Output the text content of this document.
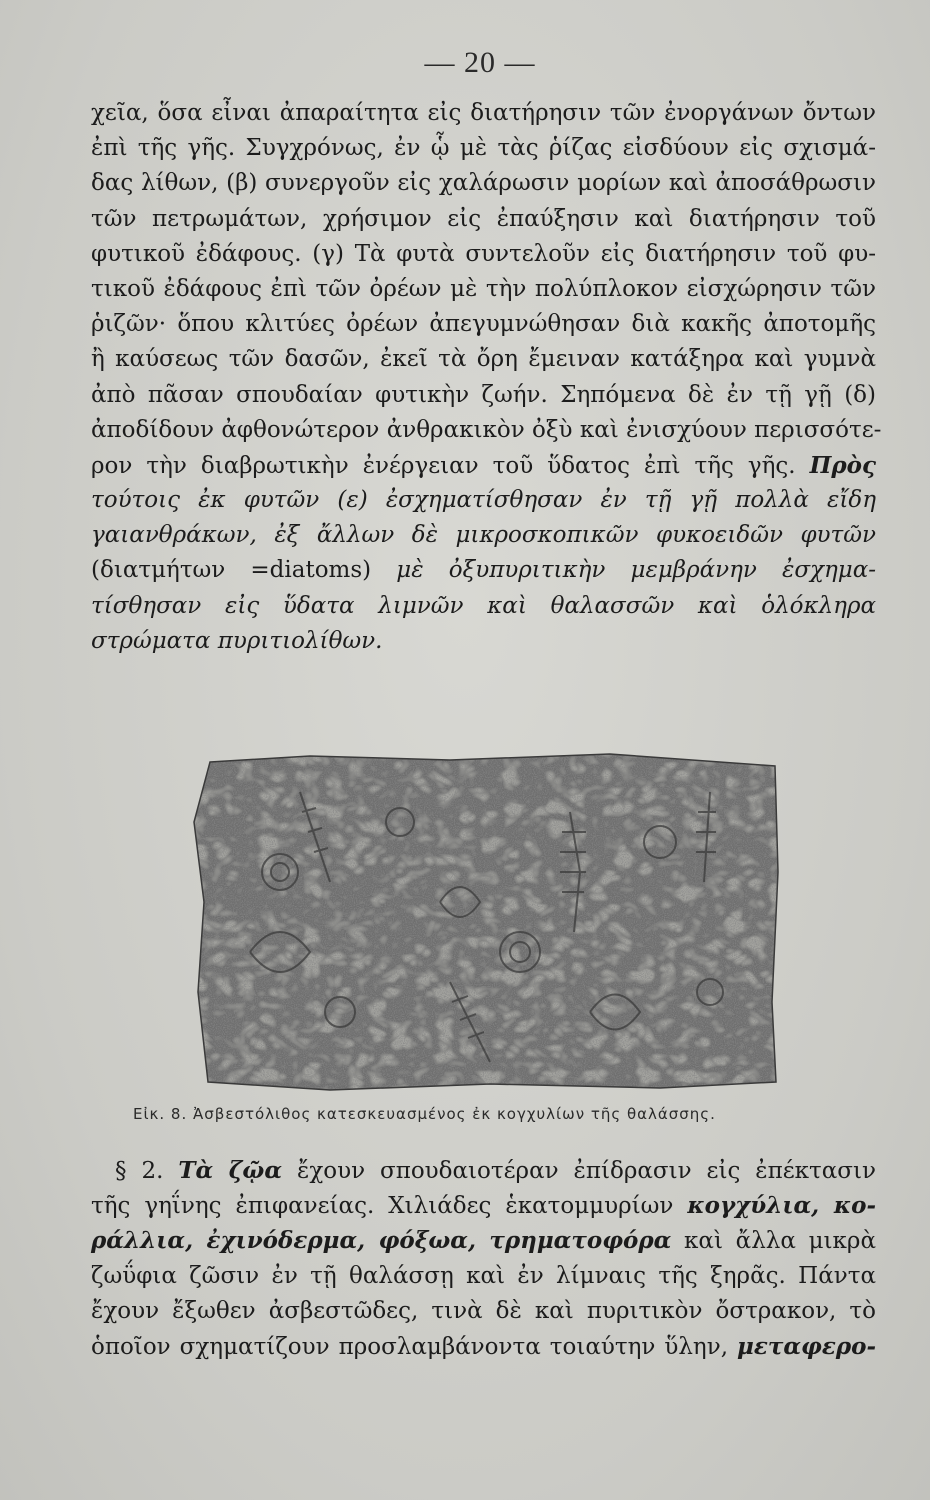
— 20 —
χεῖα, ὅσα εἶναι ἀπαραίτητα εἰς διατήρησιν τῶν ἐνοργάνων ὄντων
ἐπὶ τῆς γῆς. Συγχρόνως, ἐν ᾧ μὲ τὰς ῥίζας εἰσδύουν εἰς σχισμά-
δας λίθων, (β) συνεργοῦν εἰς χαλάρωσιν μορίων καὶ ἀποσάθρωσιν
τῶν πετρωμάτων, χρήσιμον εἰς ἐπαύξησιν καὶ διατήρησιν τοῦ
φυτικοῦ ἐδάφους. (γ) Τὰ φυτὰ συντελοῦν εἰς διατήρησιν τοῦ φυ-
τικοῦ ἐδάφους ἐπὶ τῶν ὀρέων μὲ τὴν πολύπλοκον εἰσχώρησιν τῶν
ῥιζῶν· ὅπου κλιτύες ὀρέων ἀπεγυμνώθησαν διὰ κακῆς ἀποτομῆς
ἢ καύσεως τῶν δασῶν, ἐκεῖ τὰ ὄρη ἔμειναν κατάξηρα καὶ γυμνὰ
ἀπὸ πᾶσαν σπουδαίαν φυτικὴν ζωήν. Σηπόμενα δὲ ἐν τῇ γῇ (δ)
ἀποδίδουν ἀφθονώτερον ἀνθρακικὸν ὀξὺ καὶ ἐνισχύουν περισσότε-
ρον τὴν διαβρωτικὴν ἐνέργειαν τοῦ ὕδατος ἐπὶ τῆς γῆς. Πρὸς
τούτοις ἐκ φυτῶν (ε) ἐσχηματίσθησαν ἐν τῇ γῇ πολλὰ εἴδη
γαιανθράκων, ἐξ ἄλλων δὲ μικροσκοπικῶν φυκοειδῶν φυτῶν
(διατμήτων =diatoms) μὲ ὀξυπυριτικὴν μεμβράνην ἐσχημα-
τίσθησαν εἰς ὕδατα λιμνῶν καὶ θαλασσῶν καὶ ὁλόκληρα
στρώματα πυριτιολίθων.
Εἰκ. 8. Ἀσβεστόλιθος κατεσκευασμένος ἐκ κογχυλίων τῆς θαλάσσης.
§ 2. Τὰ ζῷα ἔχουν σπουδαιοτέραν ἐπίδρασιν εἰς ἐπέκτασιν
τῆς γηΐνης ἐπιφανείας. Χιλιάδες ἑκατομμυρίων κογχύλια, κο-
ράλλια, ἐχινόδερμα, φόξωα, τρηματοφόρα καὶ ἄλλα μικρὰ
ζωΰφια ζῶσιν ἐν τῇ θαλάσσῃ καὶ ἐν λίμναις τῆς ξηρᾶς. Πάντα
ἔχουν ἔξωθεν ἀσβεστῶδες, τινὰ δὲ καὶ πυριτικὸν ὄστρακον, τὸ
ὁποῖον σχηματίζουν προσλαμβάνοντα τοιαύτην ὕλην, μεταφερο-
